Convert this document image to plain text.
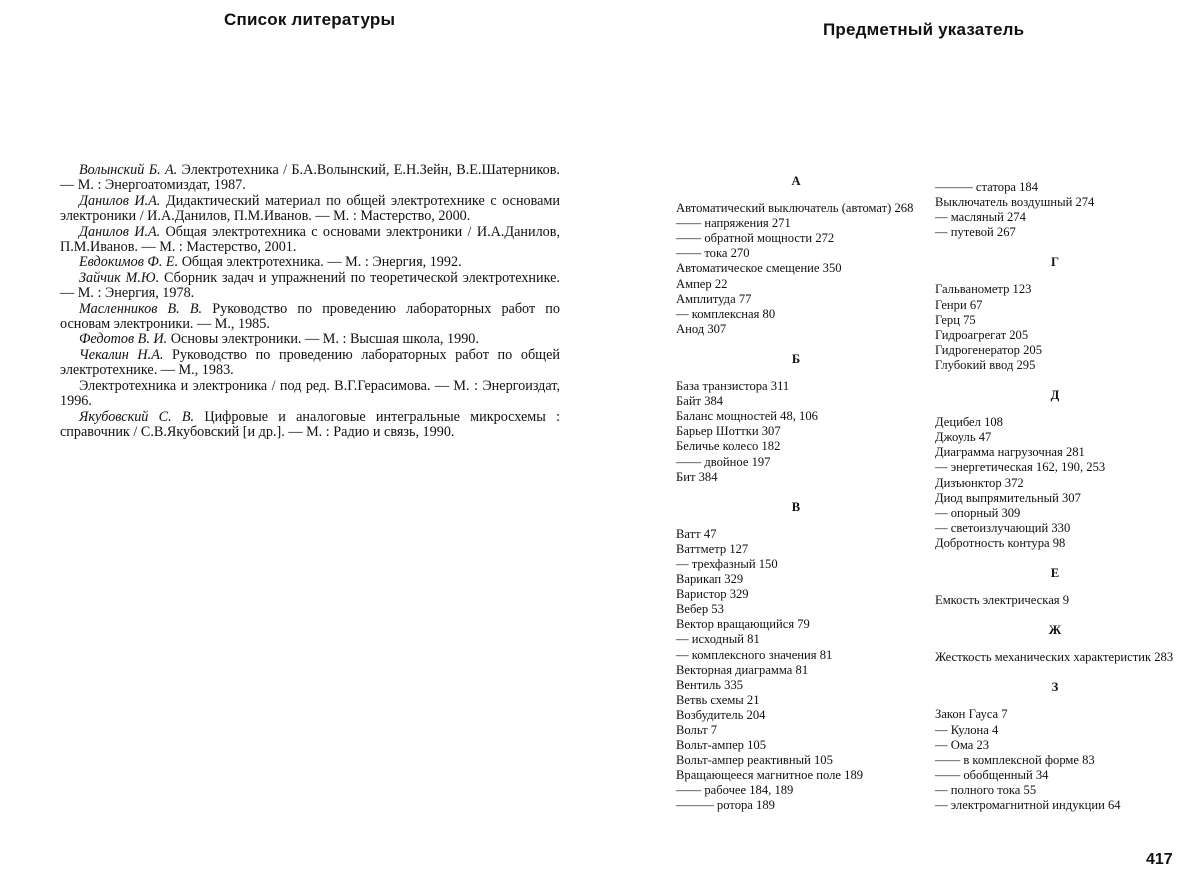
Список литературы

Волынский Б. А. Электротехника / Б.А.Волынский, Е.Н.Зейн, В.Е.Шатерников. — М. : Энергоатомиздат, 1987.

Данилов И.А. Дидактический материал по общей электротехнике с основами электроники / И.А.Данилов, П.М.Иванов. — М. : Мастерство, 2000.

Данилов И.А. Общая электротехника с основами электроники / И.А.Данилов, П.М.Иванов. — М. : Мастерство, 2001.

Евдокимов Ф. Е. Общая электротехника. — М. : Энергия, 1992.

Зайчик М.Ю. Сборник задач и упражнений по теоретической электротехнике. — М. : Энергия, 1978.

Масленников В. В. Руководство по проведению лабораторных работ по основам электроники. — М., 1985.

Федотов В. И. Основы электроники. — М. : Высшая школа, 1990.

Чекалин Н.А. Руководство по проведению лабораторных работ по общей электротехнике. — М., 1983.

Электротехника и электроника / под ред. В.Г.Герасимова. — М. : Энергоиздат, 1996.

Якубовский С. В. Цифровые и аналоговые интегральные микросхемы : справочник / С.В.Якубовский [и др.]. — М. : Радио и связь, 1990.

Предметный указатель
А
Автоматический выключатель (автомат) 268
—— напряжения 271
—— обратной мощности 272
—— тока 270
Автоматическое смещение 350
Ампер 22
Амплитуда 77
— комплексная 80
Анод 307
Б
База транзистора 311
Байт 384
Баланс мощностей 48, 106
Барьер Шоттки 307
Беличье колесо 182
—— двойное 197
Бит 384
В
Ватт 47
Ваттметр 127
— трехфазный 150
Варикап 329
Варистор 329
Вебер 53
Вектор вращающийся 79
— исходный 81
— комплексного значения 81
Векторная диаграмма 81
Вентиль 335
Ветвь схемы 21
Возбудитель 204
Вольт 7
Вольт-ампер 105
Вольт-ампер реактивный 105
Вращающееся магнитное поле 189
—— рабочее 184, 189
——— ротора 189
——— статора 184
Выключатель воздушный 274
— масляный 274
— путевой 267
Г
Гальванометр 123
Генри 67
Герц 75
Гидроагрегат 205
Гидрогенератор 205
Глубокий ввод 295
Д
Децибел 108
Джоуль 47
Диаграмма нагрузочная 281
— энергетическая 162, 190, 253
Дизъюнктор 372
Диод выпрямительный 307
— опорный 309
— светоизлучающий 330
Добротность контура 98
Е
Емкость электрическая 9
Ж
Жесткость механических характеристик 283
З
Закон Гауса 7
— Кулона 4
— Ома 23
—— в комплексной форме 83
—— обобщенный 34
— полного тока 55
— электромагнитной индукции 64
417
